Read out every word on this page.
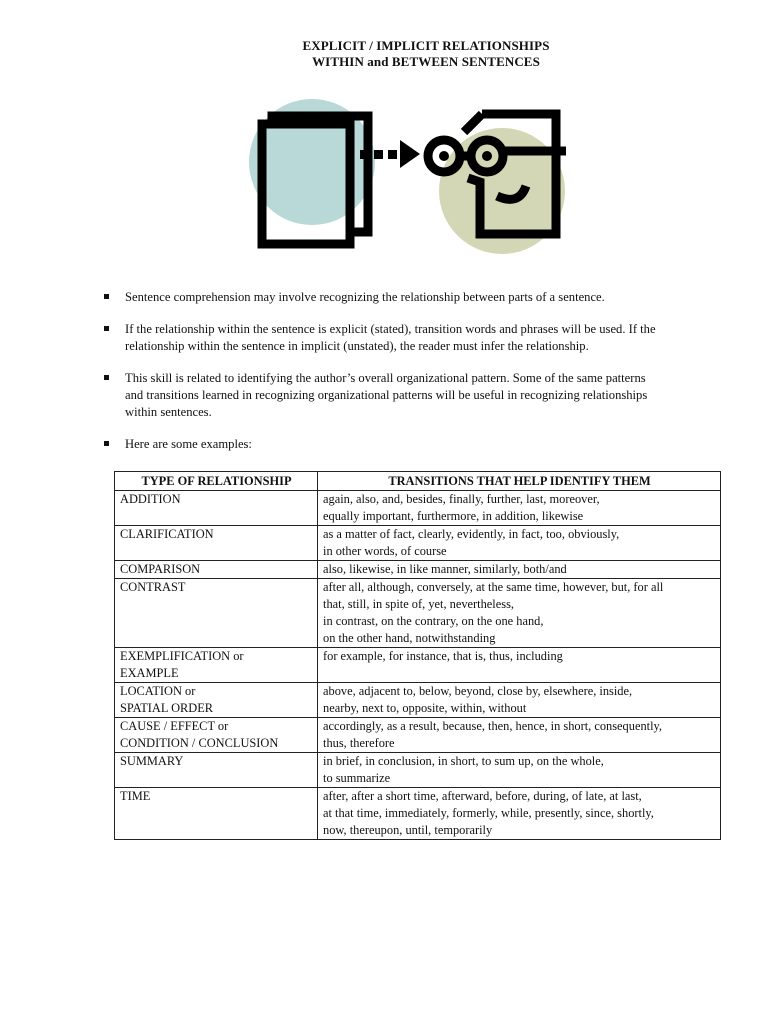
EXPLICIT / IMPLICIT RELATIONSHIPS
WITHIN and BETWEEN SENTENCES
Sentence comprehension may involve recognizing the relationship between parts of a sentence.
If the relationship within the sentence is explicit (stated), transition words and phrases will be used. If the
relationship within the sentence in implicit (unstated), the reader must infer the relationship.
This skill is related to identifying the author’s overall organizational pattern. Some of the same patterns
and transitions learned in recognizing organizational patterns will be useful in recognizing relationships
within sentences.
Here are some examples:
TYPE OF RELATIONSHIP	TRANSITIONS THAT HELP IDENTIFY THEM

ADDITION	again, also, and, besides, finally, further, last, moreover,
equally important, furthermore, in addition, likewise

CLARIFICATION	as a matter of fact, clearly, evidently, in fact, too, obviously,
in other words, of course

COMPARISON	also, likewise, in like manner, similarly, both/and

CONTRAST	after all, although, conversely, at the same time, however, but, for all
that, still, in spite of, yet, nevertheless,
in contrast, on the contrary, on the one hand,
on the other hand, notwithstanding

EXEMPLIFICATION or
EXAMPLE	for example, for instance, that is, thus, including

LOCATION or
SPATIAL ORDER	above, adjacent to, below, beyond, close by, elsewhere, inside,
nearby, next to, opposite, within, without

CAUSE / EFFECT or
CONDITION / CONCLUSION	accordingly, as a result, because, then, hence, in short, consequently,
thus, therefore

SUMMARY	in brief, in conclusion, in short, to sum up, on the whole,
to summarize

TIME	after, after a short time, afterward, before, during, of late, at last,
at that time, immediately, formerly, while, presently, since, shortly,
now, thereupon, until, temporarily
